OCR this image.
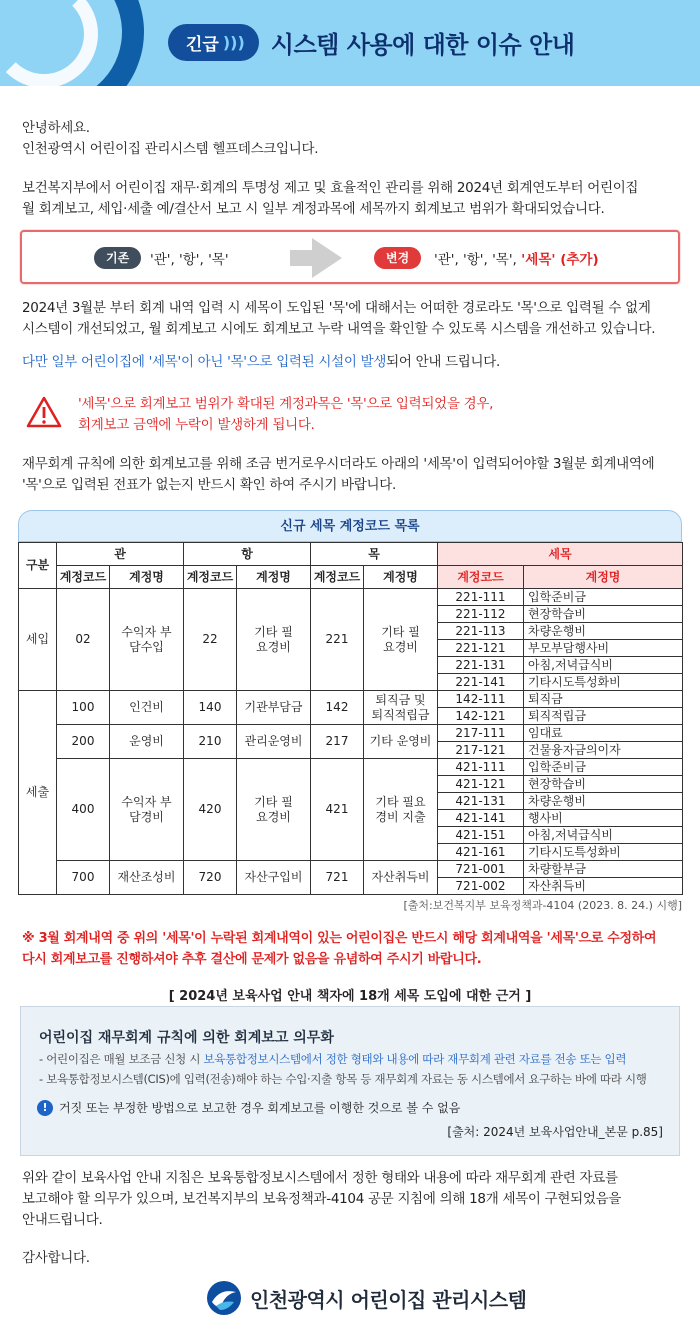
긴급 ))) 시스템 사용에 대한 이슈 안내
안녕하세요.
인천광역시 어린이집 관리시스템 헬프데스크입니다.
보건복지부에서 어린이집 재무·회계의 투명성 제고 및 효율적인 관리를 위해 2024년 회계연도부터 어린이집
월 회계보고, 세입·세출 예/결산서 보고 시 일부 계정과목에 세목까지 회계보고 범위가 확대되었습니다.
기존	'관', '항', '목'	변경	'관', '항', '목', '세목' (추가)
2024년 3월분 부터 회계 내역 입력 시 세목이 도입된 '목'에 대해서는 어떠한 경로라도 '목'으로 입력될 수 없게
시스템이 개선되었고, 월 회계보고 시에도 회계보고 누락 내역을 확인할 수 있도록 시스템을 개선하고 있습니다.
다만 일부 어린이집에 '세목'이 아닌 '목'으로 입력된 시설이 발생되어 안내 드립니다.
'세목'으로 회계보고 범위가 확대된 계정과목은 '목'으로 입력되었을 경우,
회계보고 금액에 누락이 발생하게 됩니다.
재무회계 규칙에 의한 회계보고를 위해 조금 번거로우시더라도 아래의 '세목'이 입력되어야할 3월분 회계내역에
'목'으로 입력된 전표가 없는지 반드시 확인 하여 주시기 바랍니다.
신규 세목 계정코드 목록
구분	관		항		목		세목	
	계정코드	계정명	계정코드	계정명	계정코드	계정명	계정코드	계정명
세입	02	수익자 부담수입	22	기타 필요경비	221	기타 필요경비	221-111	입학준비금
							221-112	현장학습비
							221-113	차량운행비
							221-121	부모부담행사비
							221-131	아침,저녁급식비
							221-141	기타시도특성화비
세출	100	인건비	140	기관부담금	142	퇴직금 및 퇴직적립금	142-111	퇴직금
							142-121	퇴직적립금
	200	운영비	210	관리운영비	217	기타 운영비	217-111	임대료
							217-121	건물융자금의이자
	400	수익자 부담경비	420	기타 필요경비	421	기타 필요경비 지출	421-111	입학준비금
							421-121	현장학습비
							421-131	차량운행비
							421-141	행사비
							421-151	아침,저녁급식비
							421-161	기타시도특성화비
	700	재산조성비	720	자산구입비	721	자산취득비	721-001	차량할부금
							721-002	자산취득비
[출처:보건복지부 보육정책과-4104 (2023. 8. 24.) 시행]
※ 3월 회계내역 중 위의 '세목'이 누락된 회계내역이 있는 어린이집은 반드시 해당 회계내역을 '세목'으로 수정하여
다시 회계보고를 진행하셔야 추후 결산에 문제가 없음을 유념하여 주시기 바랍니다.
[ 2024년 보육사업 안내 책자에 18개 세목 도입에 대한 근거 ]
어린이집 재무회계 규칙에 의한 회계보고 의무화
- 어린이집은 매월 보조금 신청 시 보육통합정보시스템에서 정한 형태와 내용에 따라 재무회계 관련 자료를 전송 또는 입력
- 보육통합정보시스템(CIS)에 입력(전송)해야 하는 수입·지출 항목 등 재무회계 자료는 동 시스템에서 요구하는 바에 따라 시행
! 거짓 또는 부정한 방법으로 보고한 경우 회계보고를 이행한 것으로 볼 수 없음
[출처: 2024년 보육사업안내_본문 p.85]
위와 같이 보육사업 안내 지침은 보육통합정보시스템에서 정한 형태와 내용에 따라 재무회계 관련 자료를
보고해야 할 의무가 있으며, 보건복지부의 보육정책과-4104 공문 지침에 의해 18개 세목이 구현되었음을
안내드립니다.
감사합니다.
인천광역시 어린이집 관리시스템
